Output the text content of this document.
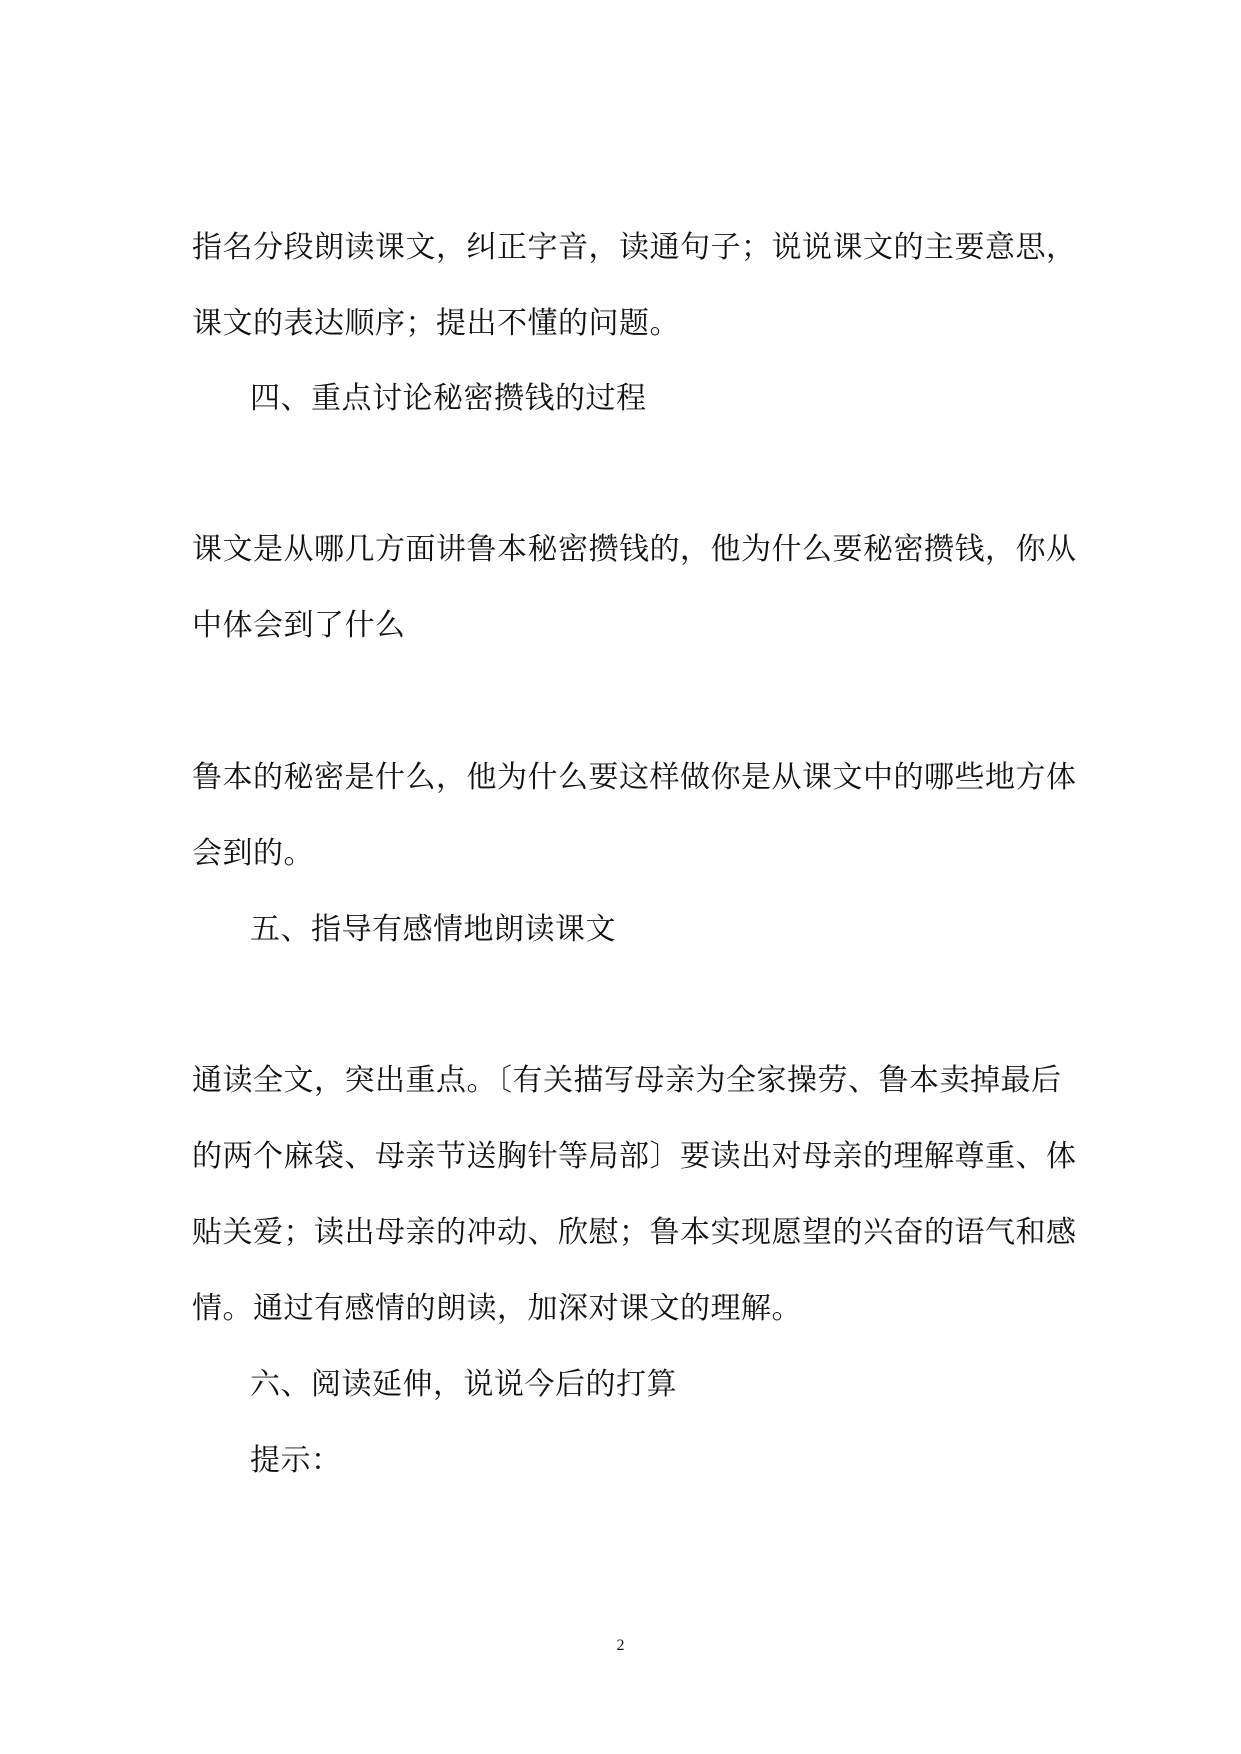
指名分段朗读课文，纠正字音，读通句子；说说课文的主要意思，
课文的表达顺序；提出不懂的问题。
四、重点讨论秘密攒钱的过程
课文是从哪几方面讲鲁本秘密攒钱的，他为什么要秘密攒钱，你从
中体会到了什么
鲁本的秘密是什么，他为什么要这样做你是从课文中的哪些地方体
会到的。
五、指导有感情地朗读课文
通读全文，突出重点。〔有关描写母亲为全家操劳、鲁本卖掉最后
的两个麻袋、母亲节送胸针等局部〕要读出对母亲的理解尊重、体
贴关爱；读出母亲的冲动、欣慰；鲁本实现愿望的兴奋的语气和感
情。通过有感情的朗读，加深对课文的理解。
六、阅读延伸，说说今后的打算
提示：
2
